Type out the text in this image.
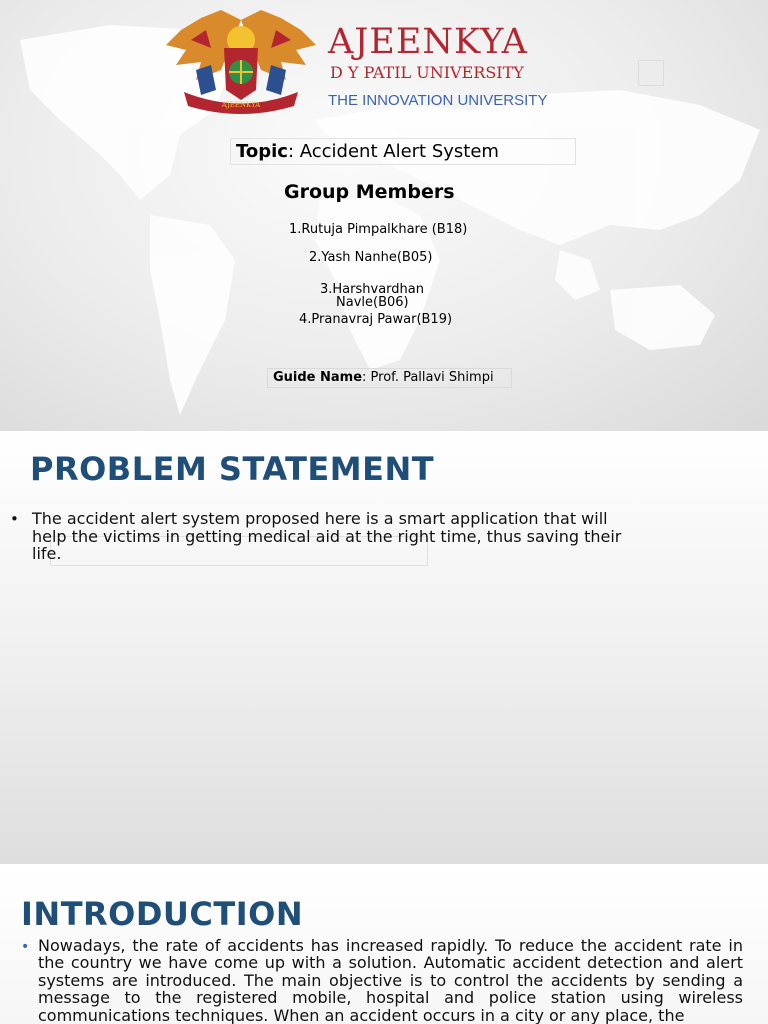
AJEENKYA
AJEENKYA
D Y PATIL UNIVERSITY
THE INNOVATION UNIVERSITY
Topic: Accident Alert System
Group Members
1.Rutuja Pimpalkhare (B18)
2.Yash Nanhe(B05)
3.Harshvardhan
Navle(B06)
4.Pranavraj Pawar(B19)
Guide Name: Prof. Pallavi Shimpi
PROBLEM STATEMENT
• The accident alert system proposed here is a smart application that will help the victims in getting medical aid at the right time, thus saving their life.
INTRODUCTION
• Nowadays, the rate of accidents has increased rapidly. To reduce the accident rate in the country we have come up with a solution. Automatic accident detection and alert systems are introduced. The main objective is to control the accidents by sending a message to the registered mobile, hospital and police station using wireless communications techniques. When an accident occurs in a city or any place, the
